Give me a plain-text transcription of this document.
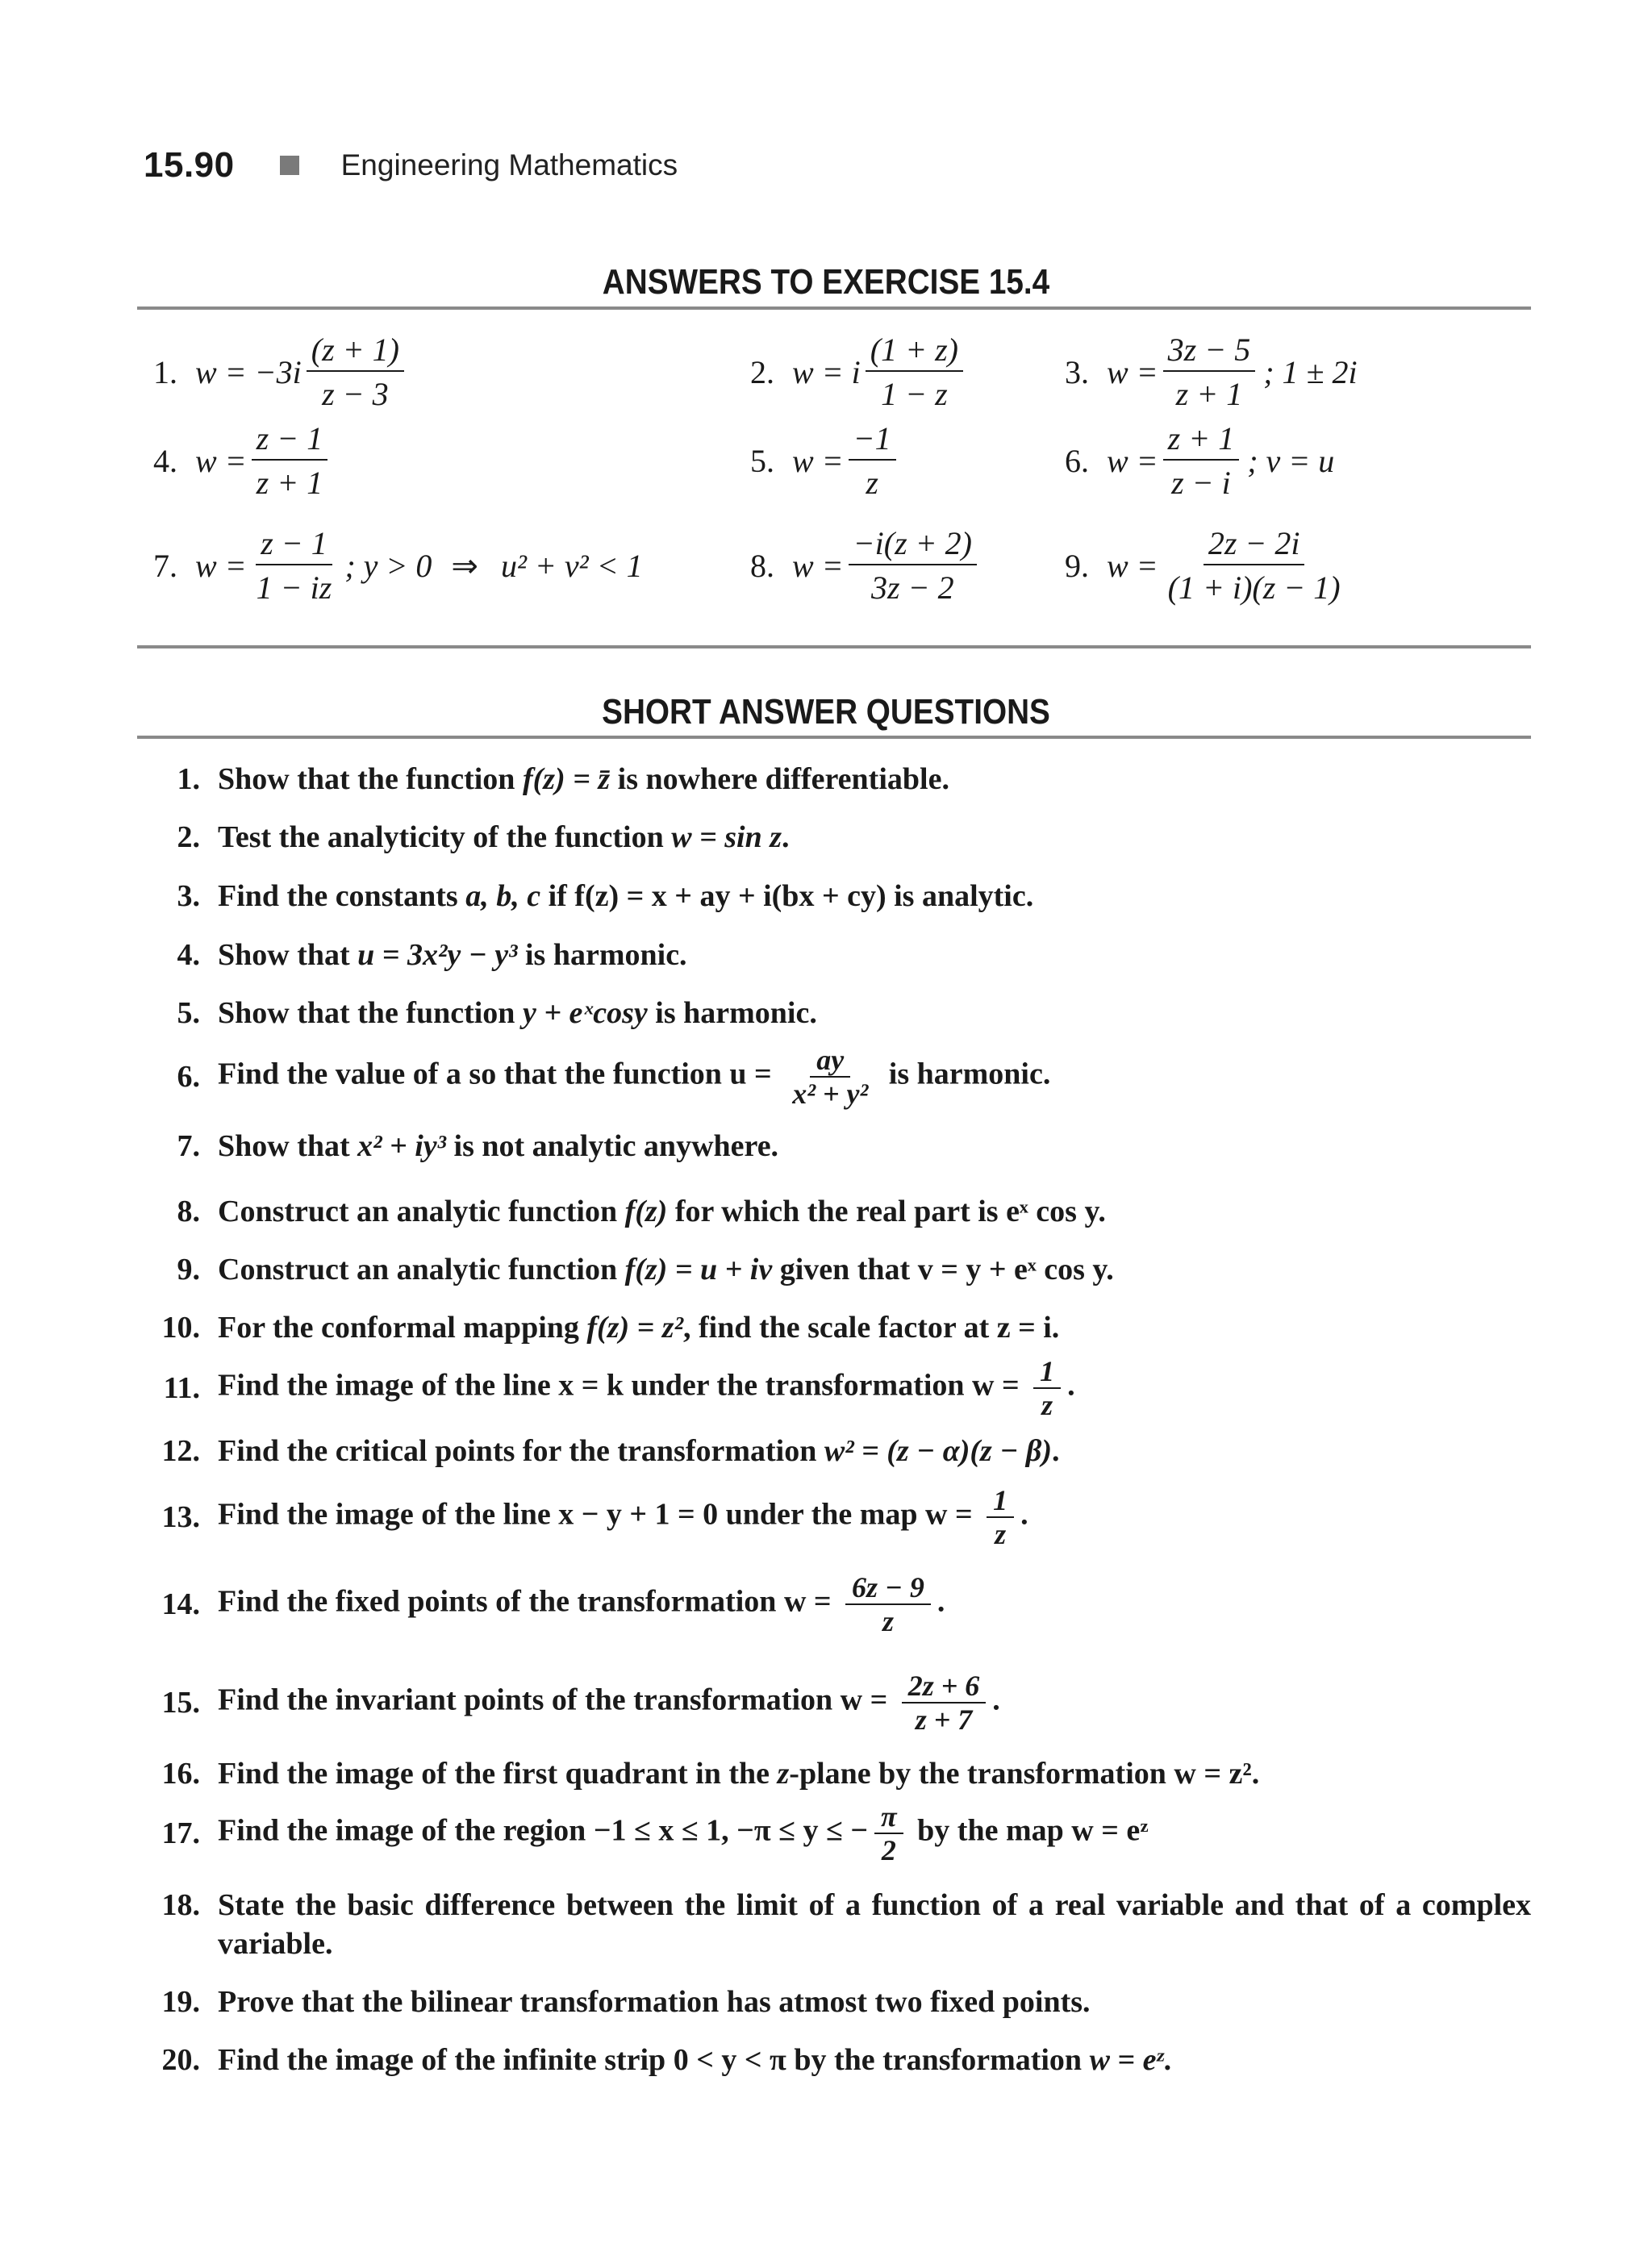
15.90	Engineering Mathematics
ANSWERS TO EXERCISE 15.4
1. $w = -3i \frac{(z + 1)}{z - 3}$	2. w = i $\frac{(1 + z)}{1 - z}$	3. $w = \frac{3z - 5}{z + 1}$ ; 1 ± 2i
4. $w = \frac{z - 1}{z + 1}$	5. $w = \frac{-1}{z}$	6. $w = \frac{z + 1}{z - i}$ ; v = u
7. $w = \frac{z - 1}{1 - iz}$ ; y > 0 ⇒ u² + v² < 1	8. $w = \frac{-i(z + 2)}{3z - 2}$	9. $w = \frac{2z - 2i}{(1 + i)(z - 1)}$
SHORT ANSWER QUESTIONS
1. Show that the function f(z) = z̄ is nowhere differentiable.
2. Test the analyticity of the function w = sin z.
3. Find the constants a, b, c if f(z) = x + ay + i(bx + cy) is analytic.
4. Show that u = 3x²y − y³ is harmonic.
5. Show that the function y + eˣcosy is harmonic.
6. Find the value of a so that the function $u = \frac{ay}{\text{x² + y²}}$ is harmonic.
7. Show that x² + iy³ is not analytic anywhere.
8. Construct an analytic function f(z) for which the real part is eˣ cos y.
9. Construct an analytic function f(z) = u + iv given that v = y + eˣ cos y.
10. For the conformal mapping f(z) = z², find the scale factor at z = i.
11. Find the image of the line x = k under the transformation $w = \frac{1}{z}$ .
12. Find the critical points for the transformation w² = (z − α)(z − β).
13. Find the image of the line x − y + 1 = 0 under the map $w = \frac{1}{z}$ .
14. Find the fixed points of the transformation $w = \frac{6z - 9}{z}$ .
15. Find the invariant points of the transformation $w = \frac{2z + 6}{z + 7}$ .
16. Find the image of the first quadrant in the z-plane by the transformation w = z².
17. Find the image of the region −1 ≤ x ≤ 1, −π ≤ y ≤ − $\frac{\pi}{2}$ by the map w = eᶻ
18. State the basic difference between the limit of a function of a real variable and that of a complex
variable.
19. Prove that the bilinear transformation has atmost two fixed points.
20. Find the image of the infinite strip 0 < y < π by the transformation w = eᶻ.
